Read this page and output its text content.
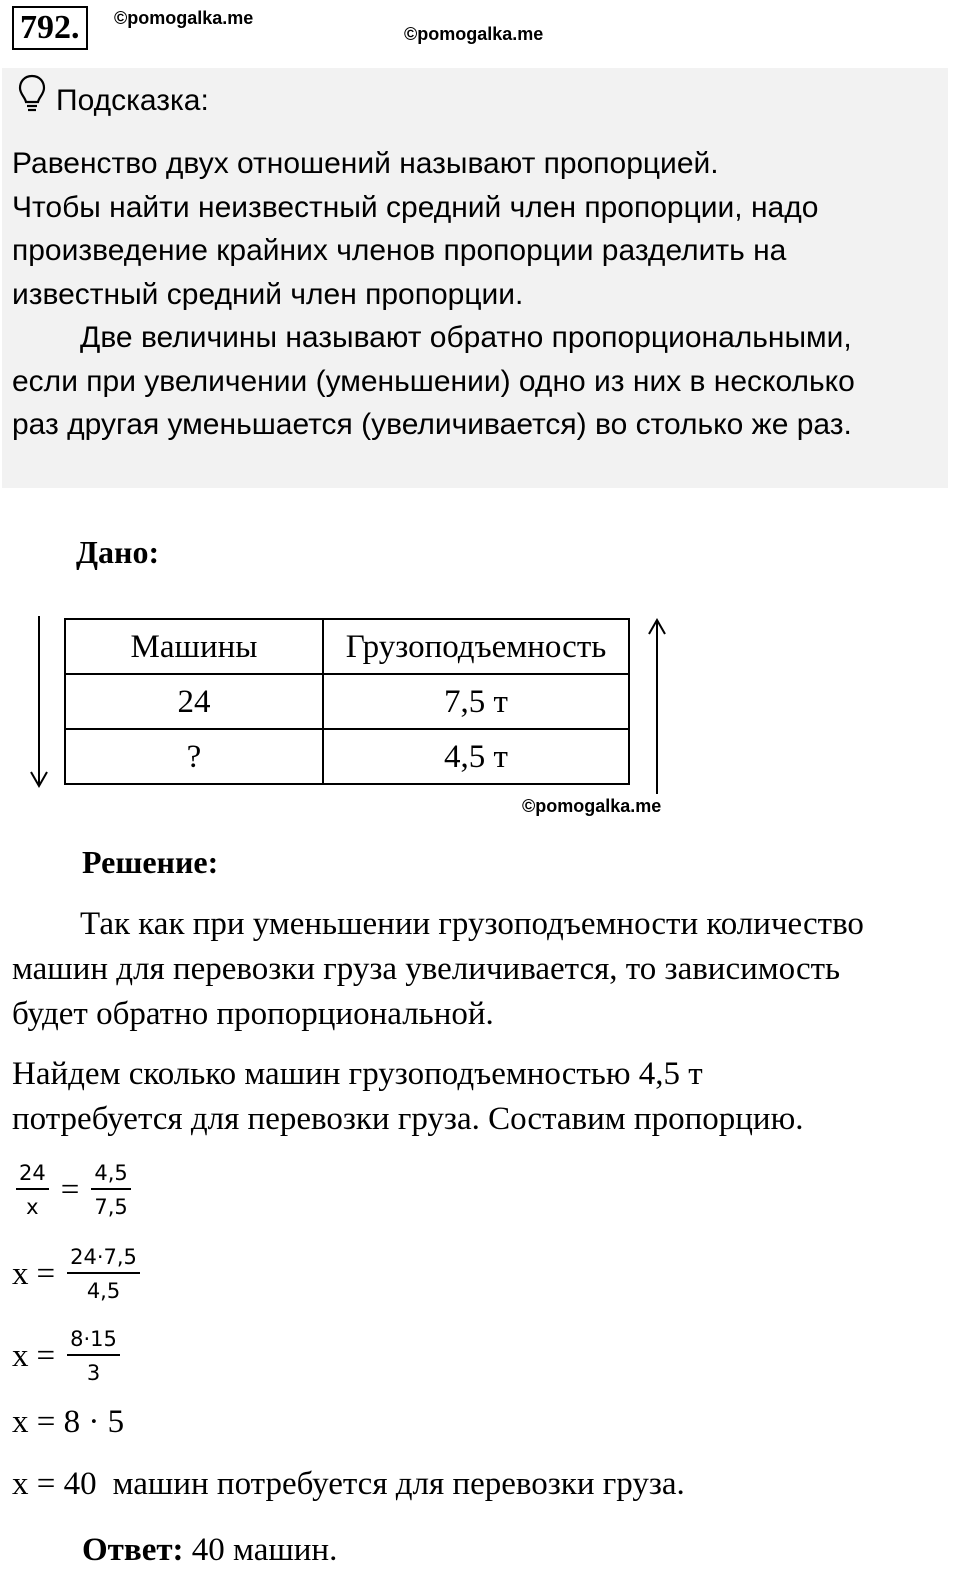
792.	©pomogalka.me
©pomogalka.me
Подсказка:

Равенство двух отношений называют пропорцией.

Чтобы найти неизвестный средний член пропорции, надо

произведение крайних членов пропорции разделить на

известный средний член пропорции.

Две величины называют обратно пропорциональными,

если при увеличении (уменьшении) одно из них в несколько

раз другая уменьшается (увеличивается) во столько же раз.

Дано:
Машины	Грузоподъемность
24	7,5 т
?	4,5 т
©pomogalka.me
Решение:

Так как при уменьшении грузоподъемности количество

машин для перевозки груза увеличивается, то зависимость

будет обратно пропорциональной.

Найдем сколько машин грузоподъемностью 4,5 т

потребуется для перевозки груза. Составим пропорцию.

$\frac{24}{x} = \frac{4,5}{7,5}$
$x = \frac{24\cdot 7,5}{4,5}$
$x = \frac{8\cdot 15}{3}$
x = 8 · 5
x = 40 машин потребуется для перевозки груза.
Ответ: 40 машин.
